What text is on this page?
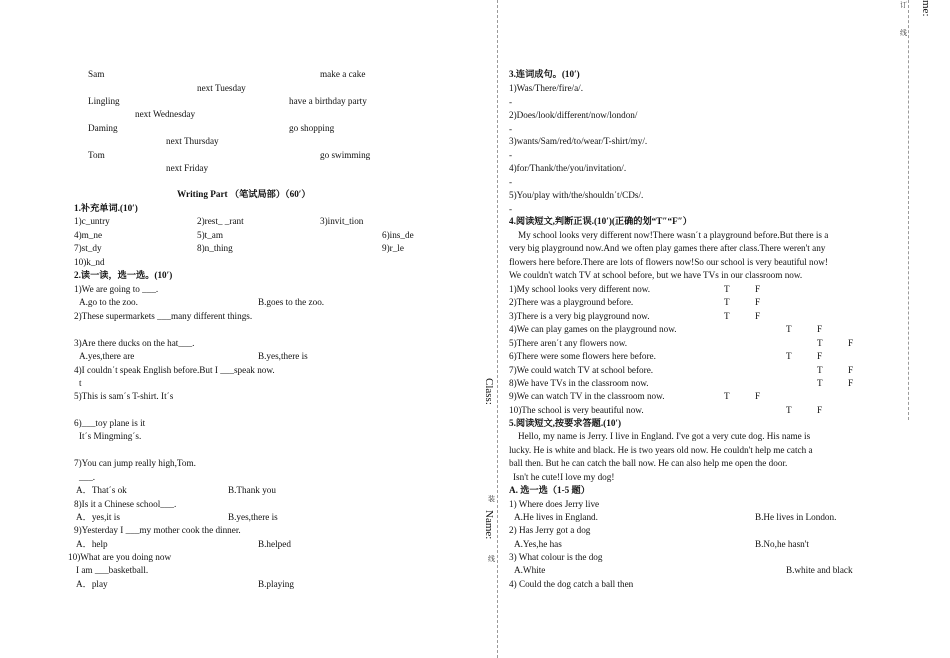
Sam	make a cake
next Tuesday
Lingling	have a birthday party
next Wednesday
Daming	go shopping
next Thursday
Tom	go swimming
next Friday
Writing Part （笔试局部）（60′）
1.补充单词.(10′)
1)c_untry	2)rest_ _rant	3)invit_tion
4)m_ne	5)t_am	6)ins_de
7)st_dy	8)n_thing	9)r_le
10)k_nd
2.读一读，选一选。(10′)
1)We are going to ___.
A.go to the zoo.	B.goes to the zoo.
2)These supermarkets ___many different things.
3)Are there ducks on the hat___.
A.yes,there are	B.yes,there is
4)I couldn΄t speak English before.But I ___speak now.
t
5)This is sam΄s T-shirt. It΄s
6)___toy plane is it
It΄s Mingming΄s.
7)You can jump really high,Tom.
___.
A．That΄s ok	B.Thank you
8)Is it a Chinese school___.
A．yes,it is	B.yes,there is
9)Yesterday I ___my mother cook the dinner.
A．help	B.helped
10)What are you doing now
I am ___basketball.
A．play	B.playing
Class:
装
Name:
线
me:
订
线
3.连词成句。(10′)
1)Was/There/fire/a/.
-
2)Does/look/different/now/london/
-
3)wants/Sam/red/to/wear/T-shirt/my/.
-
4)for/Thank/the/you/invitation/.
-
5)You/play with/the/shouldn΄t/CDs/.
-
4.阅读短文,判断正误.(10′)(正确的划“T″“F″）
My school looks very different now!There wasn΄t a playground before.But there is a
very big playground now.And we often play games there after class.There weren't any
flowers here before.There are lots of flowers now!So our school is very beautiful now!
We couldn't watch TV at school before, but we have TVs in our classroom now.
1)My school looks very different now.	T	F
2)There was a playground before.	T	F
3)There is a very big playground now.	T	F
4)We can play games on the playground now.	T	F
5)There aren΄t any flowers now.	T	F
6)There were some flowers here before.	T	F
7)We could watch TV at school before.	T	F
8)We have TVs in the classroom now.	T	F
9)We can watch TV in the classroom now.	T	F
10)The school is very beautiful now.	T	F
5.阅读短文,按要求答题.(10′)
Hello, my name is Jerry. I live in England. I've got a very cute dog. His name is
lucky. He is white and black. He is two years old now. He couldn't help me catch a
ball then. But he can catch the ball now. He can also help me open the door.
Isn't he cute!I love my dog!
A. 选一选（1-5 题）
1) Where does Jerry live
A.He lives in England.	B.He lives in London.
2) Has Jerry got a dog
A.Yes,he has	B.No,he hasn't
3) What colour is the dog
A.White	B.white and black
4) Could the dog catch a ball then
